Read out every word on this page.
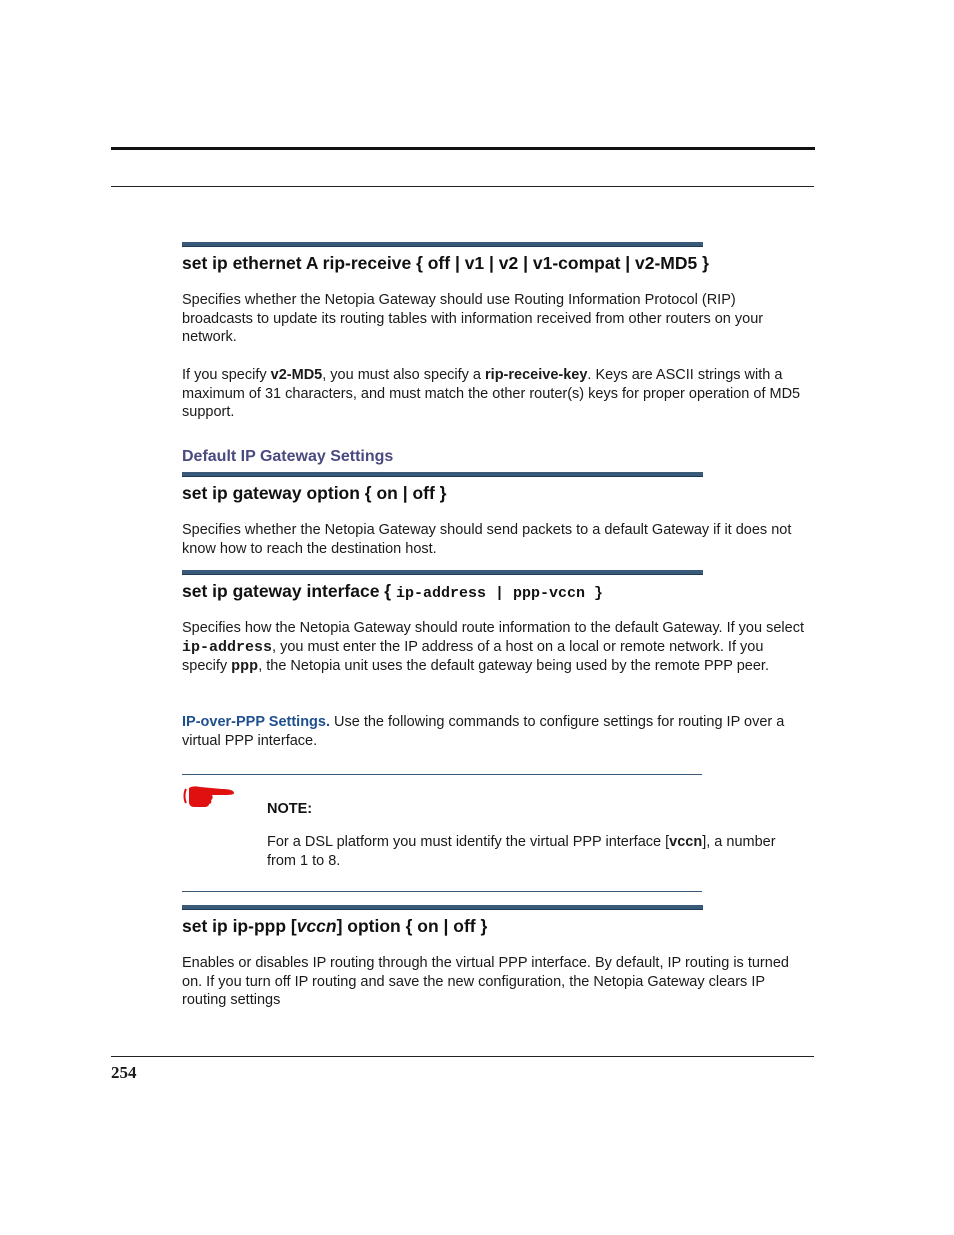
set ip ethernet A rip-receive { off | v1 | v2 | v1-compat | v2-MD5 }

Specifies whether the Netopia Gateway should use Routing Information Protocol (RIP) broadcasts to update its routing tables with information received from other routers on your network.

If you specify v2-MD5, you must also specify a rip-receive-key. Keys are ASCII strings with a maximum of 31 characters, and must match the other router(s) keys for proper operation of MD5 support.

Default IP Gateway Settings
set ip gateway option { on | off }

Specifies whether the Netopia Gateway should send packets to a default Gateway if it does not know how to reach the destination host.

set ip gateway interface { ip-address | ppp-vccn }

Specifies how the Netopia Gateway should route information to the default Gateway. If you select ip-address, you must enter the IP address of a host on a local or remote network. If you specify ppp, the Netopia unit uses the default gateway being used by the remote PPP peer.

IP-over-PPP Settings. Use the following commands to configure settings for routing IP over a virtual PPP interface.

NOTE:

For a DSL platform you must identify the virtual PPP interface [vccn], a number from 1 to 8.

set ip ip-ppp [vccn] option { on | off }

Enables or disables IP routing through the virtual PPP interface. By default, IP routing is turned on. If you turn off IP routing and save the new configuration, the Netopia Gateway clears IP routing settings

254
